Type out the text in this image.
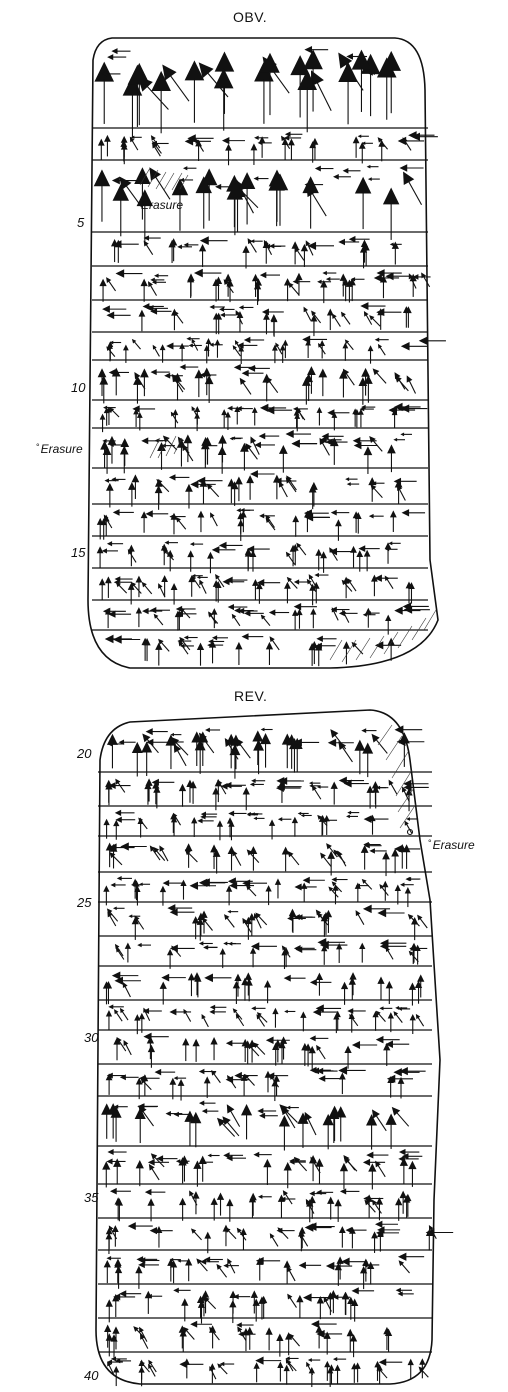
OBV.
Erasure
°Erasure
5
10
15
REV.
°Erasure
20
25
30
35
40
